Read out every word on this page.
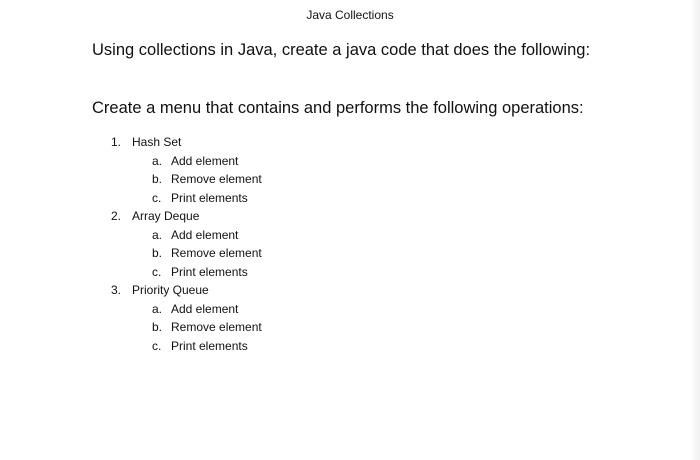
Java Collections
Using collections in Java, create a java code that does the following:
Create a menu that contains and performs the following operations:
1. Hash Set
a. Add element
b. Remove element
c. Print elements
2. Array Deque
a. Add element
b. Remove element
c. Print elements
3. Priority Queue
a. Add element
b. Remove element
c. Print elements
